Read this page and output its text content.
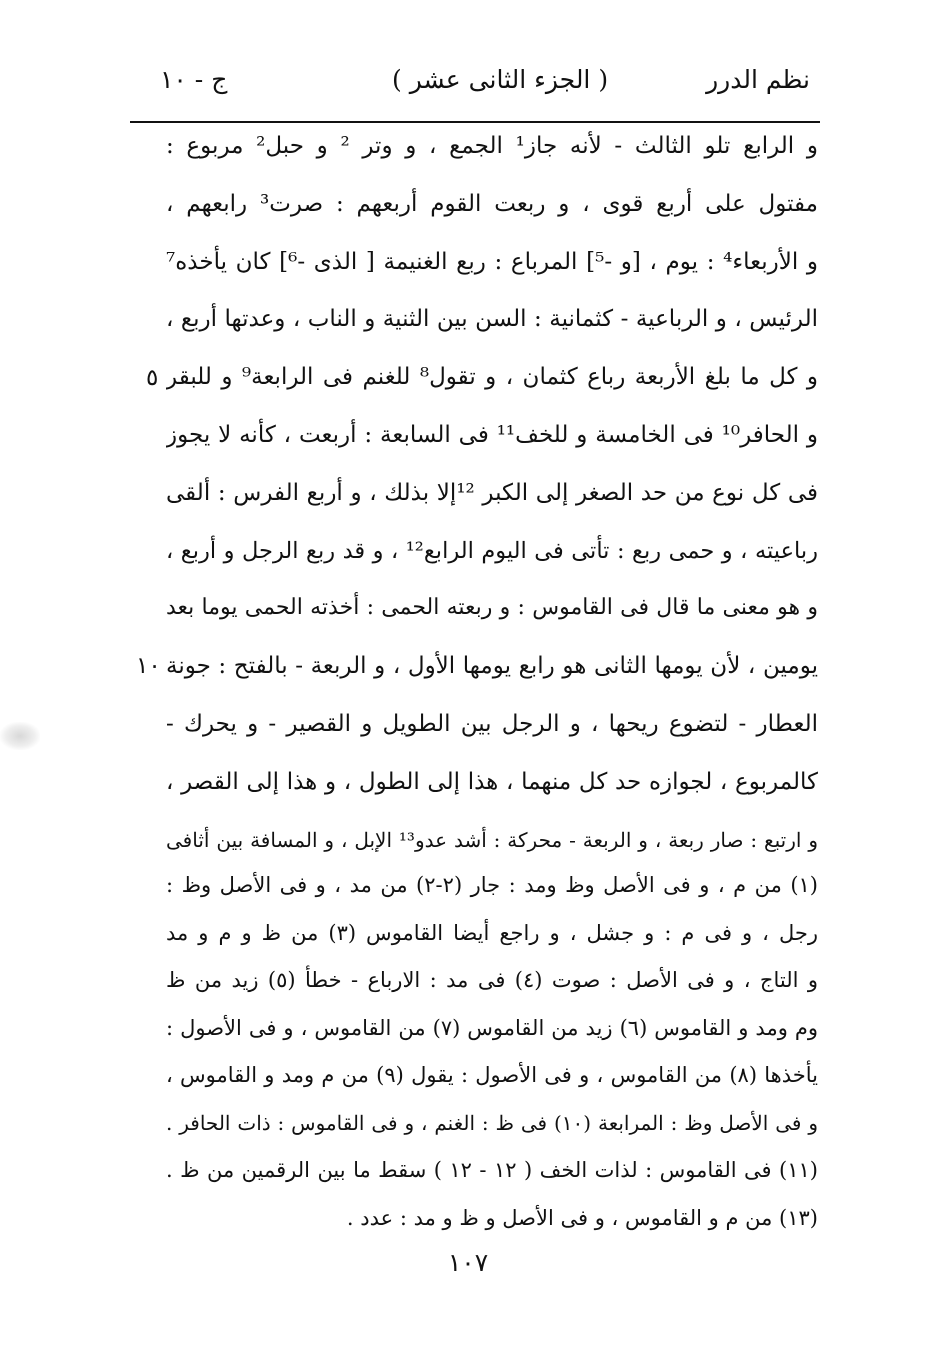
نظم الدرر
( الجزء الثانى عشر )
ج - ١٠
و الرابع تلو الثالث - لأنه جاز¹ الجمع ، و وتر ² و حبل² مربوع :
مفتول على أربع قوى ، و ربعت القوم أربعهم : صرت³ رابعهم ،
و الأربعاء⁴ : يوم ، [و -⁵] المرباع : ربع الغنيمة [ الذى -⁶] كان يأخذه⁷
الرئيس ، و الرباعية - كثمانية : السن بين الثنية و الناب ، وعدتها أربع ،
و كل ما بلغ الأربعة رباع كثمان ، و تقول⁸ للغنم فى الرابعة⁹ و للبقر
و الحافر¹⁰ فى الخامسة و للخف¹¹ فى السابعة : أربعت ، كأنه لا يجوز
فى كل نوع من حد الصغر إلى الكبر ¹²إلا بذلك ، و أربع الفرس : ألقى
رباعيته ، و حمى ربع : تأتى فى اليوم الرابع¹² ، و قد ربع الرجل و أربع ،
و هو معنى ما قال فى القاموس : و ربعته الحمى : أخذته الحمى يوما بعد
يومين ، لأن يومها الثانى هو رابع يومها الأول ، و الربعة - بالفتح : جونة
العطار - لتضوع ريحها ، و الرجل بين الطويل و القصير - و يحرك -
كالمربوع ، لجوازه حد كل منهما ، هذا إلى الطول ، و هذا إلى القصر ،
و ارتبع : صار ربعة ، و الربعة - محركة : أشد عدو¹³ الإبل ، و المسافة بين أثافى
٥
١٠
(١) من م ، و فى الأصل وظ ومد : جار (٢-٢) من مد ، و فى الأصل وظ :
رجل ، و فى م : و جشل ، و راجع أيضا القاموس (٣) من ظ و م و مد
و التاج ، و فى الأصل : صوت (٤) فى مد : الارباع - خطأ (٥) زيد من ظ
وم ومد و القاموس (٦) زيد من القاموس (٧) من القاموس ، و فى الأصول :
يأخذها (٨) من القاموس ، و فى الأصول : يقول (٩) من م ومد و القاموس ،
و فى الأصل وظ : المرابعة (١٠) فى ظ : الغنم ، و فى القاموس : ذات الحافر .
(١١) فى القاموس : لذات الخف ( ١٢ - ١٢ ) سقط ما بين الرقمين من ظ .
(١٣) من م و القاموس ، و فى الأصل و ظ و مد : عدد .
١٠٧
